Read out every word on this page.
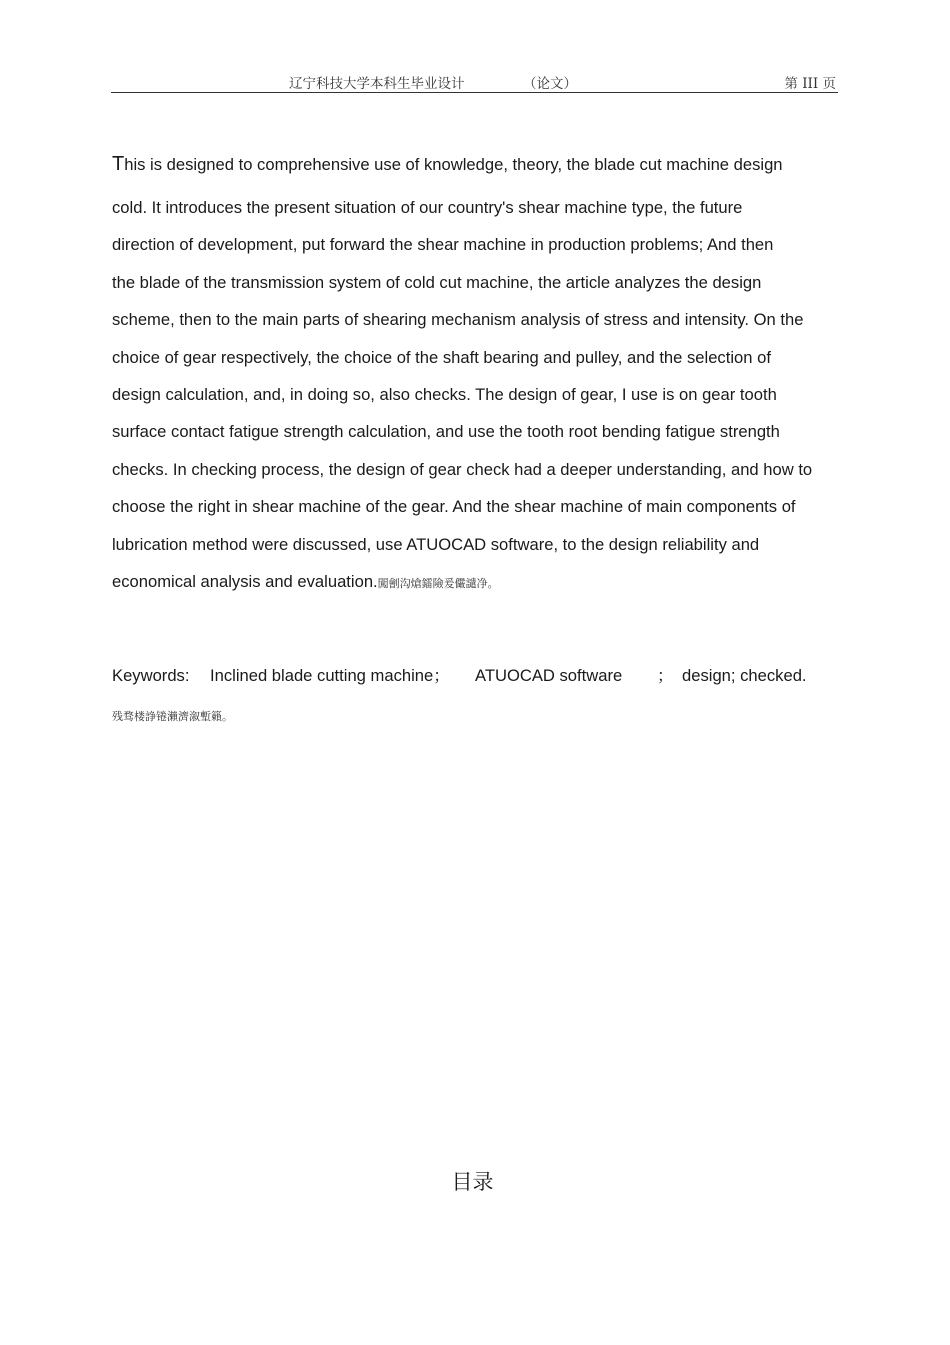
辽宁科技大学本科生毕业设计	（论文）	第 III 页
This is designed to comprehensive use of knowledge, theory, the blade cut machine design
cold. It introduces the present situation of our country's shear machine type, the future
direction of development, put forward the shear machine in production problems; And then
the blade of the transmission system of cold cut machine, the article analyzes the design
scheme, then to the main parts of shearing mechanism analysis of stress and intensity. On the
choice of gear respectively, the choice of the shaft bearing and pulley, and the selection of
design calculation, and, in doing so, also checks. The design of gear, I use is on gear tooth
surface contact fatigue strength calculation, and use the tooth root bending fatigue strength
checks. In checking process, the design of gear check had a deeper understanding, and how to
choose the right in shear machine of the gear. And the shear machine of main components of
lubrication method were discussed, use ATUOCAD software, to the design reliability and
economical analysis and evaluation.闖劊沟熗鐳險爰儼譴净。
Keywords: Inclined blade cutting machine； ATUOCAD software ； design; checked.
残骛楼諍锩瀨濟溆塹籟。
目录
